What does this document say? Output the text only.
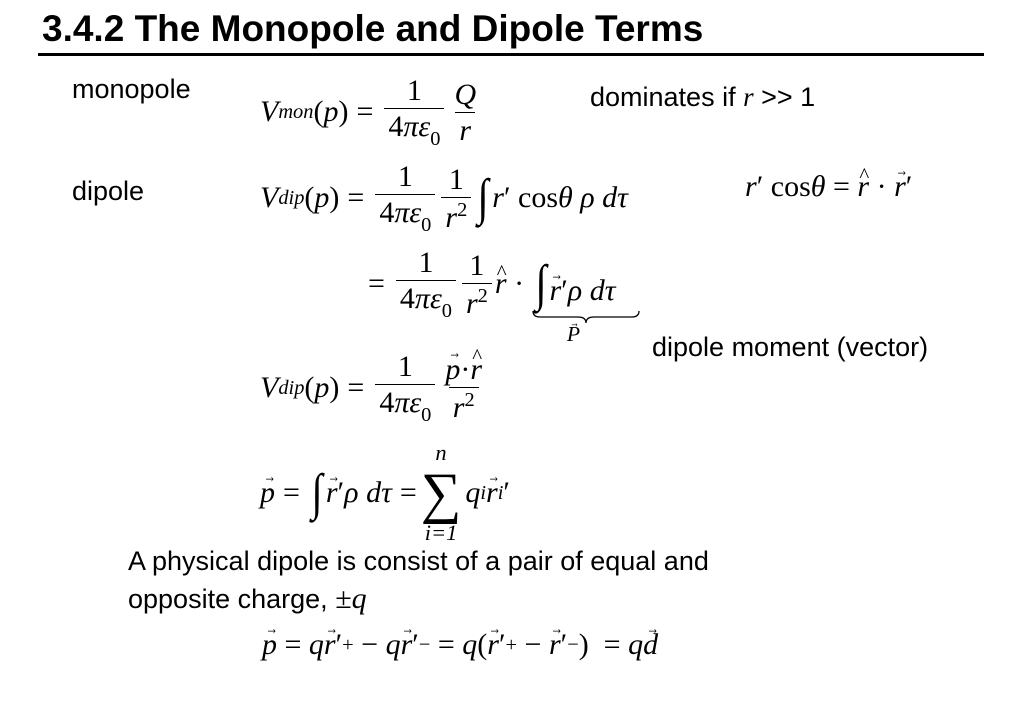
3.4.2 The Monopole and Dipole Terms
monopole
V mon ( p ) = $\frac{1}{4\pi\varepsilon_0} \frac{Q}{r}$	dominates if r >> 1
dipole	V dip ( p ) = $\frac{1}{4\pi\varepsilon_0} \frac{1}{r^2}$ ∫ r ′ cos θ
ρ
dτ	r ′ cos θ =
^ r ·
→ r ′
= $\frac{1}{4\pi\varepsilon_0} \frac{1}{r^2}$
^ r · ∫→ r′ρ dτ
→ P	dipole moment (vector)
V dip ( p ) = $\frac{1}{4\pi\varepsilon_0}$
→ $\frac{p\cdot\^{} r}{r^2}$
→ p = ∫
→ r ′ ρ
dτ =
n
∑
i=1
q i
→ r i ′
A physical dipole is consist of a pair of equal and
opposite charge, ±q
→ p = q
→ r ′ + − q
→ r ′ − = q (
→ r ′ + −
→ r ′ − )  = q
→ d
